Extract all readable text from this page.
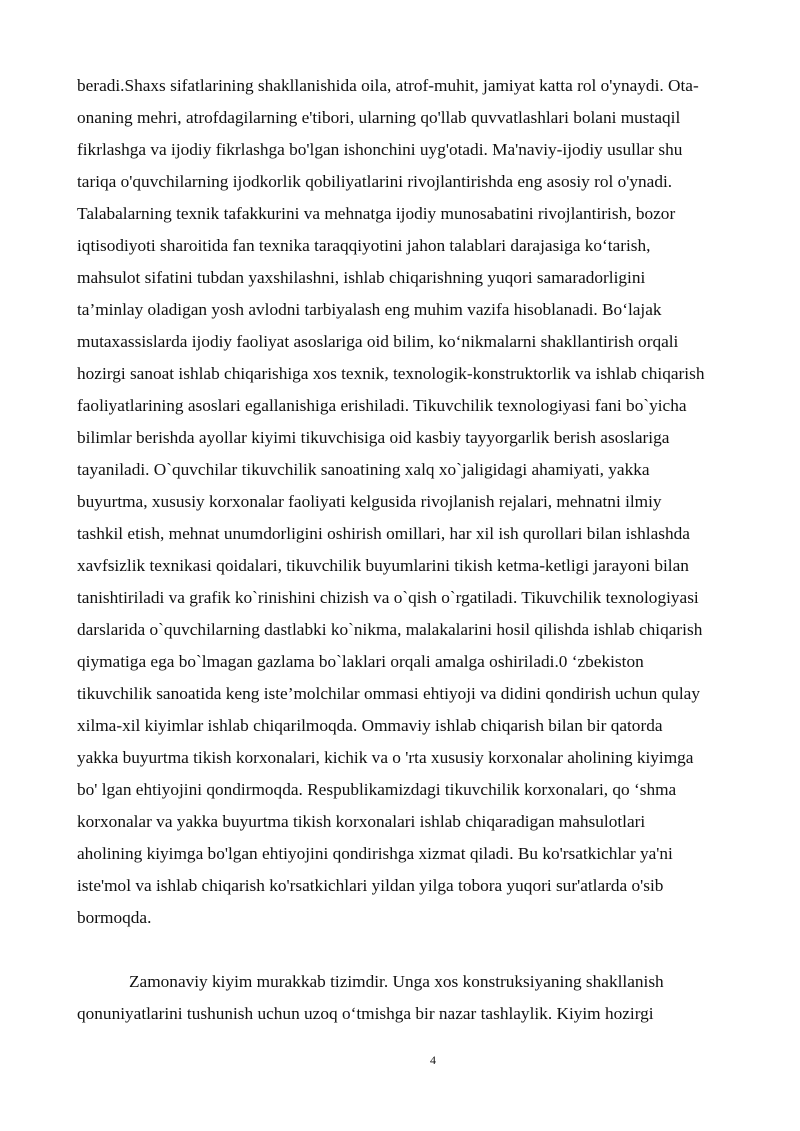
beradi.Shaxs sifatlarining shakllanishida oila, atrof-muhit, jamiyat katta rol o'ynaydi. Ota-

onaning mehri, atrofdagilarning e'tibori, ularning qo'llab quvvatlashlari bolani mustaqil

fikrlashga va ijodiy fikrlashga bo'lgan ishonchini uyg'otadi. Ma'naviy-ijodiy usullar shu

tariqa o'quvchilarning ijodkorlik qobiliyatlarini rivojlantirishda eng asosiy rol o'ynadi.

Talabalarning texnik tafakkurini va mehnatga ijodiy munosabatini rivojlantirish, bozor

iqtisodiyoti sharoitida fan texnika taraqqiyotini jahon talablari darajasiga koʻtarish,

mahsulot sifatini tubdan yaxshilashni, ishlab chiqarishning yuqori samaradorligini

ta’minlay oladigan yosh avlodni tarbiyalash eng muhim vazifa hisoblanadi. Boʻlajak

mutaxassislarda ijodiy faoliyat asoslariga oid bilim, koʻnikmalarni shakllantirish orqali

hozirgi sanoat ishlab chiqarishiga xos texnik, texnologik-konstruktorlik va ishlab chiqarish

faoliyatlarining asoslari egallanishiga erishiladi. Tikuvchilik texnologiyasi fani bo`yicha

bilimlar berishda ayollar kiyimi tikuvchisiga oid kasbiy tayyorgarlik berish asoslariga

tayaniladi. O`quvchilar tikuvchilik sanoatining xalq xo`jaligidagi ahamiyati, yakka

buyurtma, xususiy korxonalar faoliyati kelgusida rivojlanish rejalari, mehnatni ilmiy

tashkil etish, mehnat unumdorligini oshirish omillari, har xil ish qurollari bilan ishlashda

xavfsizlik texnikasi qoidalari, tikuvchilik buyumlarini tikish ketma-ketligi jarayoni bilan

tanishtiriladi va grafik ko`rinishini chizish va o`qish o`rgatiladi. Tikuvchilik texnologiyasi

darslarida o`quvchilarning dastlabki ko`nikma, malakalarini hosil qilishda ishlab chiqarish

qiymatiga ega bo`lmagan gazlama bo`laklari orqali amalga oshiriladi.0 ‘zbekiston

tikuvchilik sanoatida keng iste’molchilar ommasi ehtiyoji va didini qondirish uchun qulay

xilma-xil kiyimlar ishlab chiqarilmoqda. Ommaviy ishlab chiqarish bilan bir qatorda

yakka buyurtma tikish korxonalari, kichik va o 'rta xususiy korxonalar aholining kiyimga

bo' lgan ehtiyojini qondirmoqda. Respublikamizdagi tikuvchilik korxonalari, qo ‘shma

korxonalar va yakka buyurtma tikish korxonalari ishlab chiqaradigan mahsulotlari

aholining kiyimga bo'lgan ehtiyojini qondirishga xizmat qiladi. Bu ko'rsatkichlar ya'ni

iste'mol va ishlab chiqarish ko'rsatkichlari yildan yilga tobora yuqori sur'atlarda o'sib

bormoqda.

Zamonaviy kiyim murakkab tizimdir. Unga xos konstruksiyaning shakllanish

qonuniyatlarini tushunish uchun uzoq oʻtmishga bir nazar tashlaylik. Kiyim hozirgi

4
